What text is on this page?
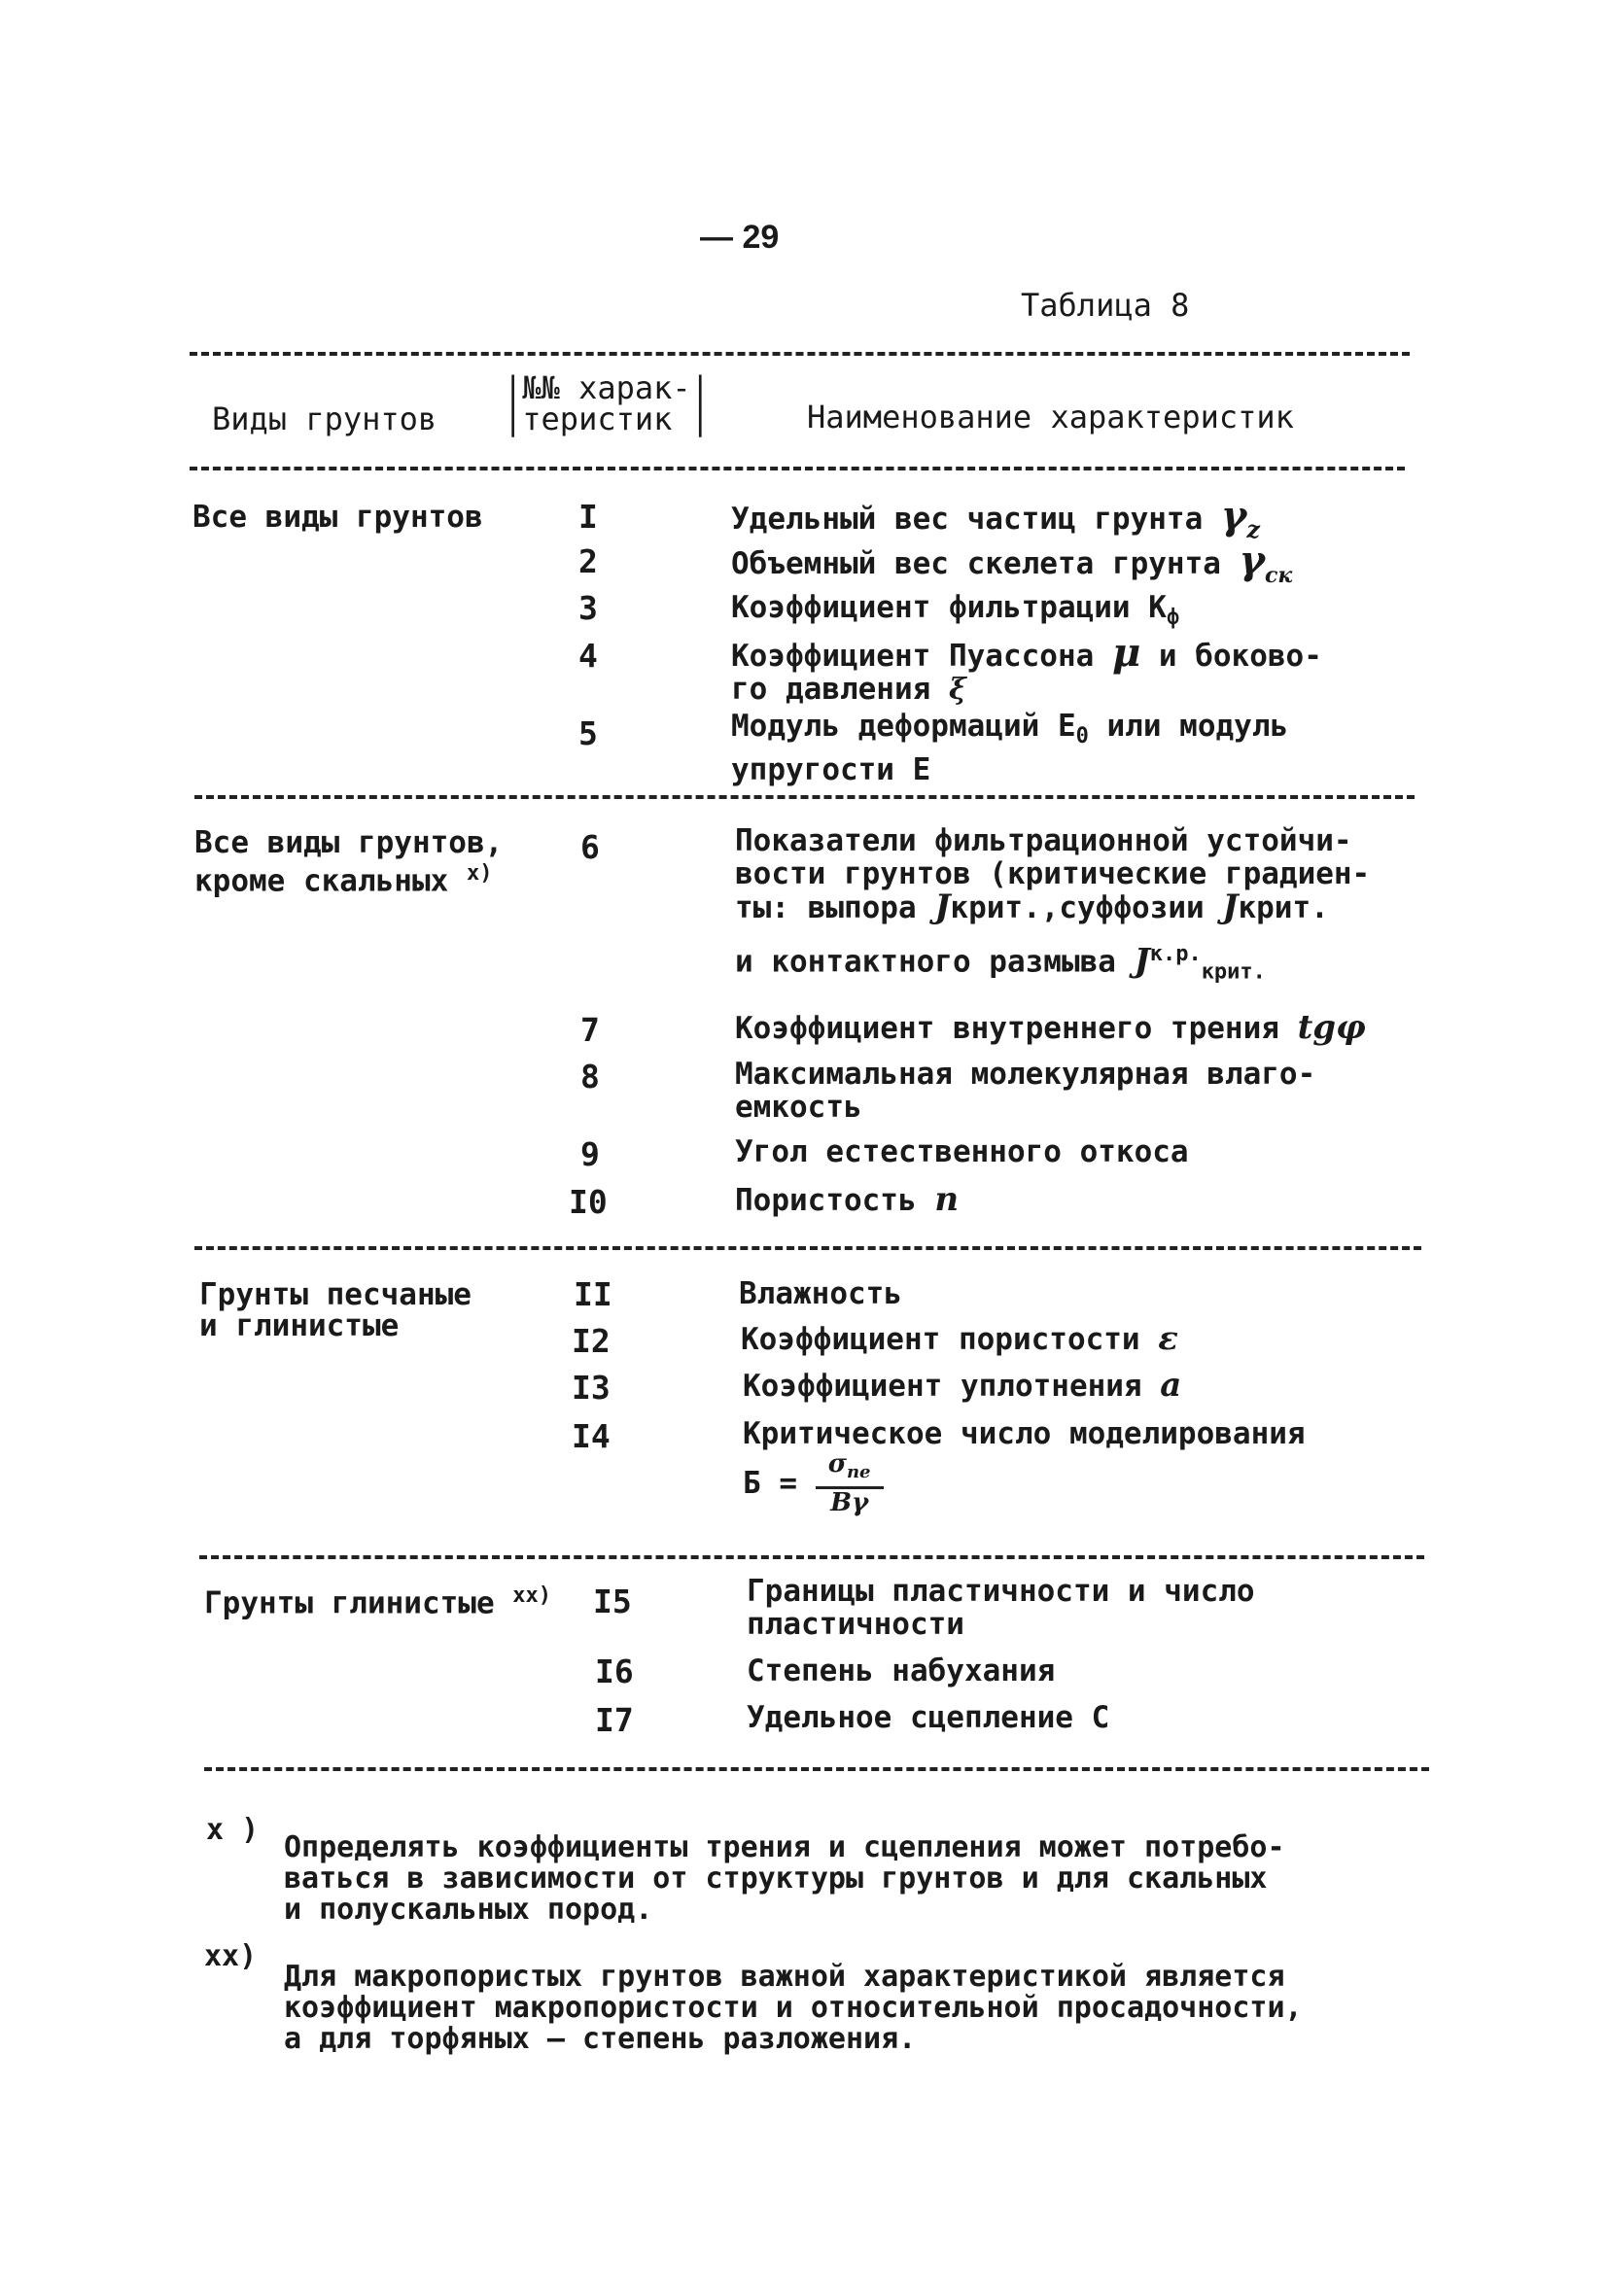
— 29
Таблица 8
Виды грунтов
|№№ харак-|
|теристик |	Наименование характеристик
Все виды грунтов	I	Удельный вес частиц грунта $\gamma_z$
2	Объемный вес скелета грунта $\gamma_{ск}$
3	Коэффициент фильтрации $К_ф$
4	Коэффициент Пуассона μ и боково-
го давления ξ
5	Модуль деформаций $E_0$ или модуль
упругости E
Все виды грунтов,
кроме скальных $^{x)}$
6	Показатели фильтрационной устойчи-
вости грунтов (критические градиен-
ты: выпора Jкрит.,суффозии Jкрит.
и контактного размыва $J^{к.р.}_{крит.}$
7	Коэффициент внутреннего трения tgφ
8	Максимальная молекулярная влаго-
емкость
9	Угол естественного откоса
I0	Пористость n
Грунты песчаные
и глинистые
II	Влажность
I2	Коэффициент пористости ε
I3	Коэффициент уплотнения a
I4	Критическое число моделирования
Б =
$\sigma_{пе}$
Bγ
Грунты глинистые $^{xx)}$ I5	Границы пластичности и число
пластичности
I6	Степень набухания
I7	Удельное сцепление C
x )
Определять коэффициенты трения и сцепления может потребо-
ваться в зависимости от структуры грунтов и для скальных
и полускальных пород.
xx)
Для макропористых грунтов важной характеристикой является
коэффициент макропористости и относительной просадочности,
а для торфяных – степень разложения.
